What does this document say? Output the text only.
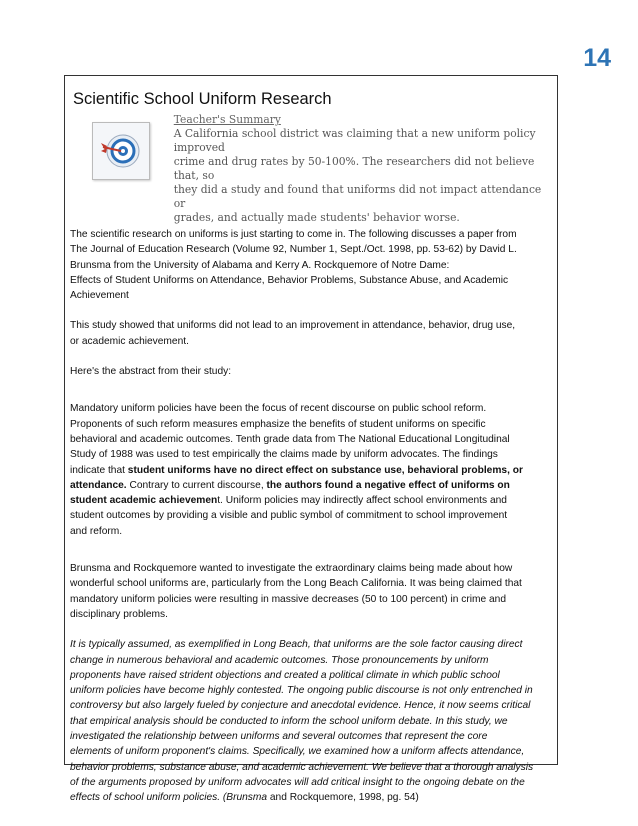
14
Scientific School Uniform Research
Teacher's Summary
A California school district was claiming that a new uniform policy improved
crime and drug rates by 50-100%. The researchers did not believe that, so
they did a study and found that uniforms did not impact attendance or
grades, and actually made students' behavior worse.

The scientific research on uniforms is just starting to come in. The following discusses a paper from
The Journal of Education Research (Volume 92, Number 1, Sept./Oct. 1998, pp. 53-62) by David L.
Brunsma from the University of Alabama and Kerry A. Rockquemore of Notre Dame:
Effects of Student Uniforms on Attendance, Behavior Problems, Substance Abuse, and Academic
Achievement

This study showed that uniforms did not lead to an improvement in attendance, behavior, drug use,
or academic achievement.

Here's the abstract from their study:

Mandatory uniform policies have been the focus of recent discourse on public school reform.
Proponents of such reform measures emphasize the benefits of student uniforms on specific
behavioral and academic outcomes. Tenth grade data from The National Educational Longitudinal
Study of 1988 was used to test empirically the claims made by uniform advocates. The findings
indicate that student uniforms have no direct effect on substance use, behavioral problems, or
attendance. Contrary to current discourse, the authors found a negative effect of uniforms on
student academic achievement. Uniform policies may indirectly affect school environments and
student outcomes by providing a visible and public symbol of commitment to school improvement
and reform.

Brunsma and Rockquemore wanted to investigate the extraordinary claims being made about how
wonderful school uniforms are, particularly from the Long Beach California. It was being claimed that
mandatory uniform policies were resulting in massive decreases (50 to 100 percent) in crime and
disciplinary problems.

It is typically assumed, as exemplified in Long Beach, that uniforms are the sole factor causing direct
change in numerous behavioral and academic outcomes. Those pronouncements by uniform
proponents have raised strident objections and created a political climate in which public school
uniform policies have become highly contested. The ongoing public discourse is not only entrenched in
controversy but also largely fueled by conjecture and anecdotal evidence. Hence, it now seems critical
that empirical analysis should be conducted to inform the school uniform debate. In this study, we
investigated the relationship between uniforms and several outcomes that represent the core
elements of uniform proponent's claims. Specifically, we examined how a uniform affects attendance,
behavior problems, substance abuse, and academic achievement. We believe that a thorough analysis
of the arguments proposed by uniform advocates will add critical insight to the ongoing debate on the
effects of school uniform policies. (Brunsma and Rockquemore, 1998, pg. 54)
